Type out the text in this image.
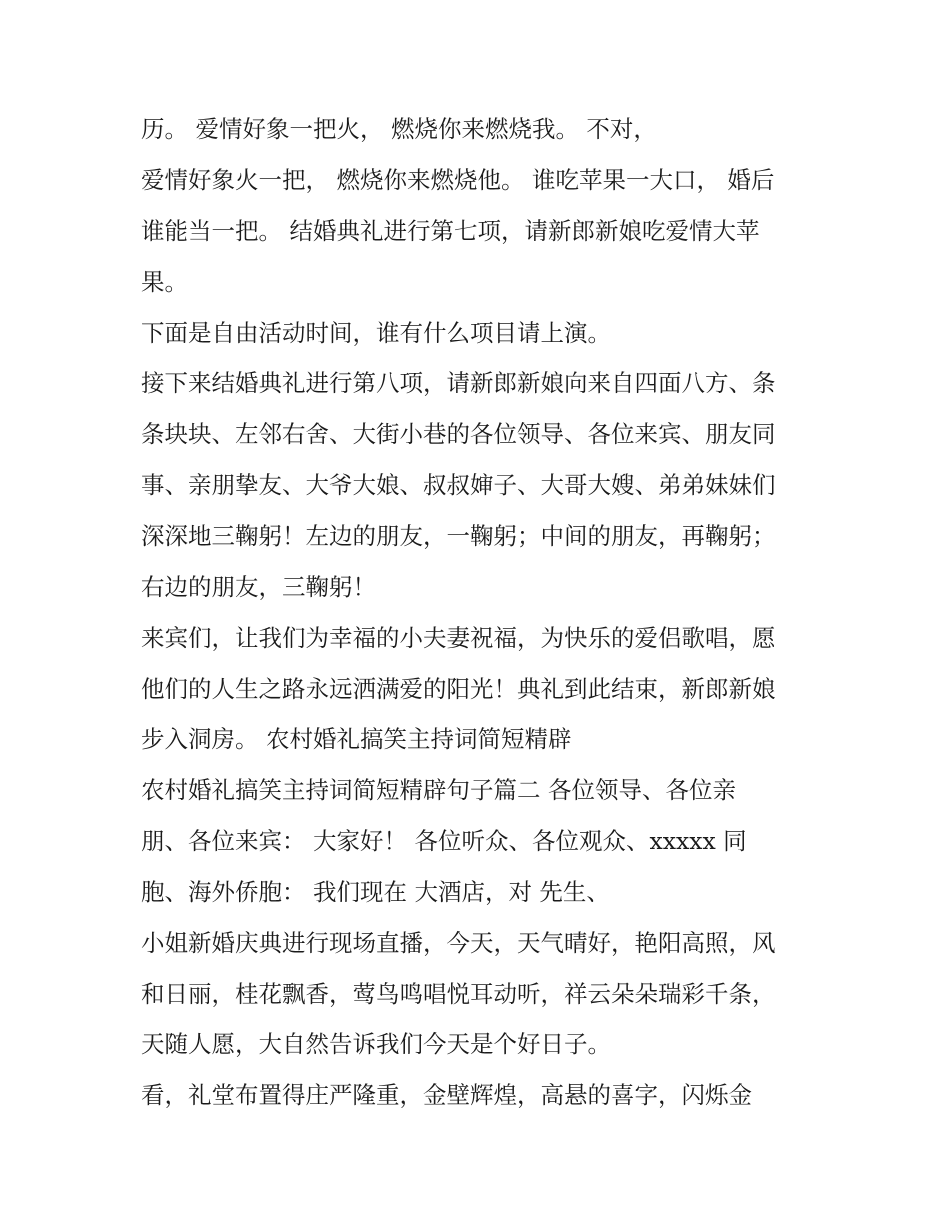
历。 爱情好象一把火， 燃烧你来燃烧我。 不对，

爱情好象火一把， 燃烧你来燃烧他。 谁吃苹果一大口， 婚后

谁能当一把。 结婚典礼进行第七项，请新郎新娘吃爱情大苹

果。

下面是自由活动时间，谁有什么项目请上演。

接下来结婚典礼进行第八项，请新郎新娘向来自四面八方、条

条块块、左邻右舍、大街小巷的各位领导、各位来宾、朋友同

事、亲朋挚友、大爷大娘、叔叔婶子、大哥大嫂、弟弟妹妹们

深深地三鞠躬！左边的朋友，一鞠躬；中间的朋友，再鞠躬；

右边的朋友，三鞠躬！

来宾们，让我们为幸福的小夫妻祝福，为快乐的爱侣歌唱，愿

他们的人生之路永远洒满爱的阳光！典礼到此结束，新郎新娘

步入洞房。 农村婚礼搞笑主持词简短精辟

农村婚礼搞笑主持词简短精辟句子篇二 各位领导、各位亲

朋、各位来宾： 大家好！ 各位听众、各位观众、xxxxx 同

胞、海外侨胞： 我们现在 大酒店，对 先生、

小姐新婚庆典进行现场直播，今天，天气晴好，艳阳高照，风

和日丽，桂花飘香，莺鸟鸣唱悦耳动听，祥云朵朵瑞彩千条，

天随人愿，大自然告诉我们今天是个好日子。

看，礼堂布置得庄严隆重，金壁辉煌，高悬的喜字，闪烁金
